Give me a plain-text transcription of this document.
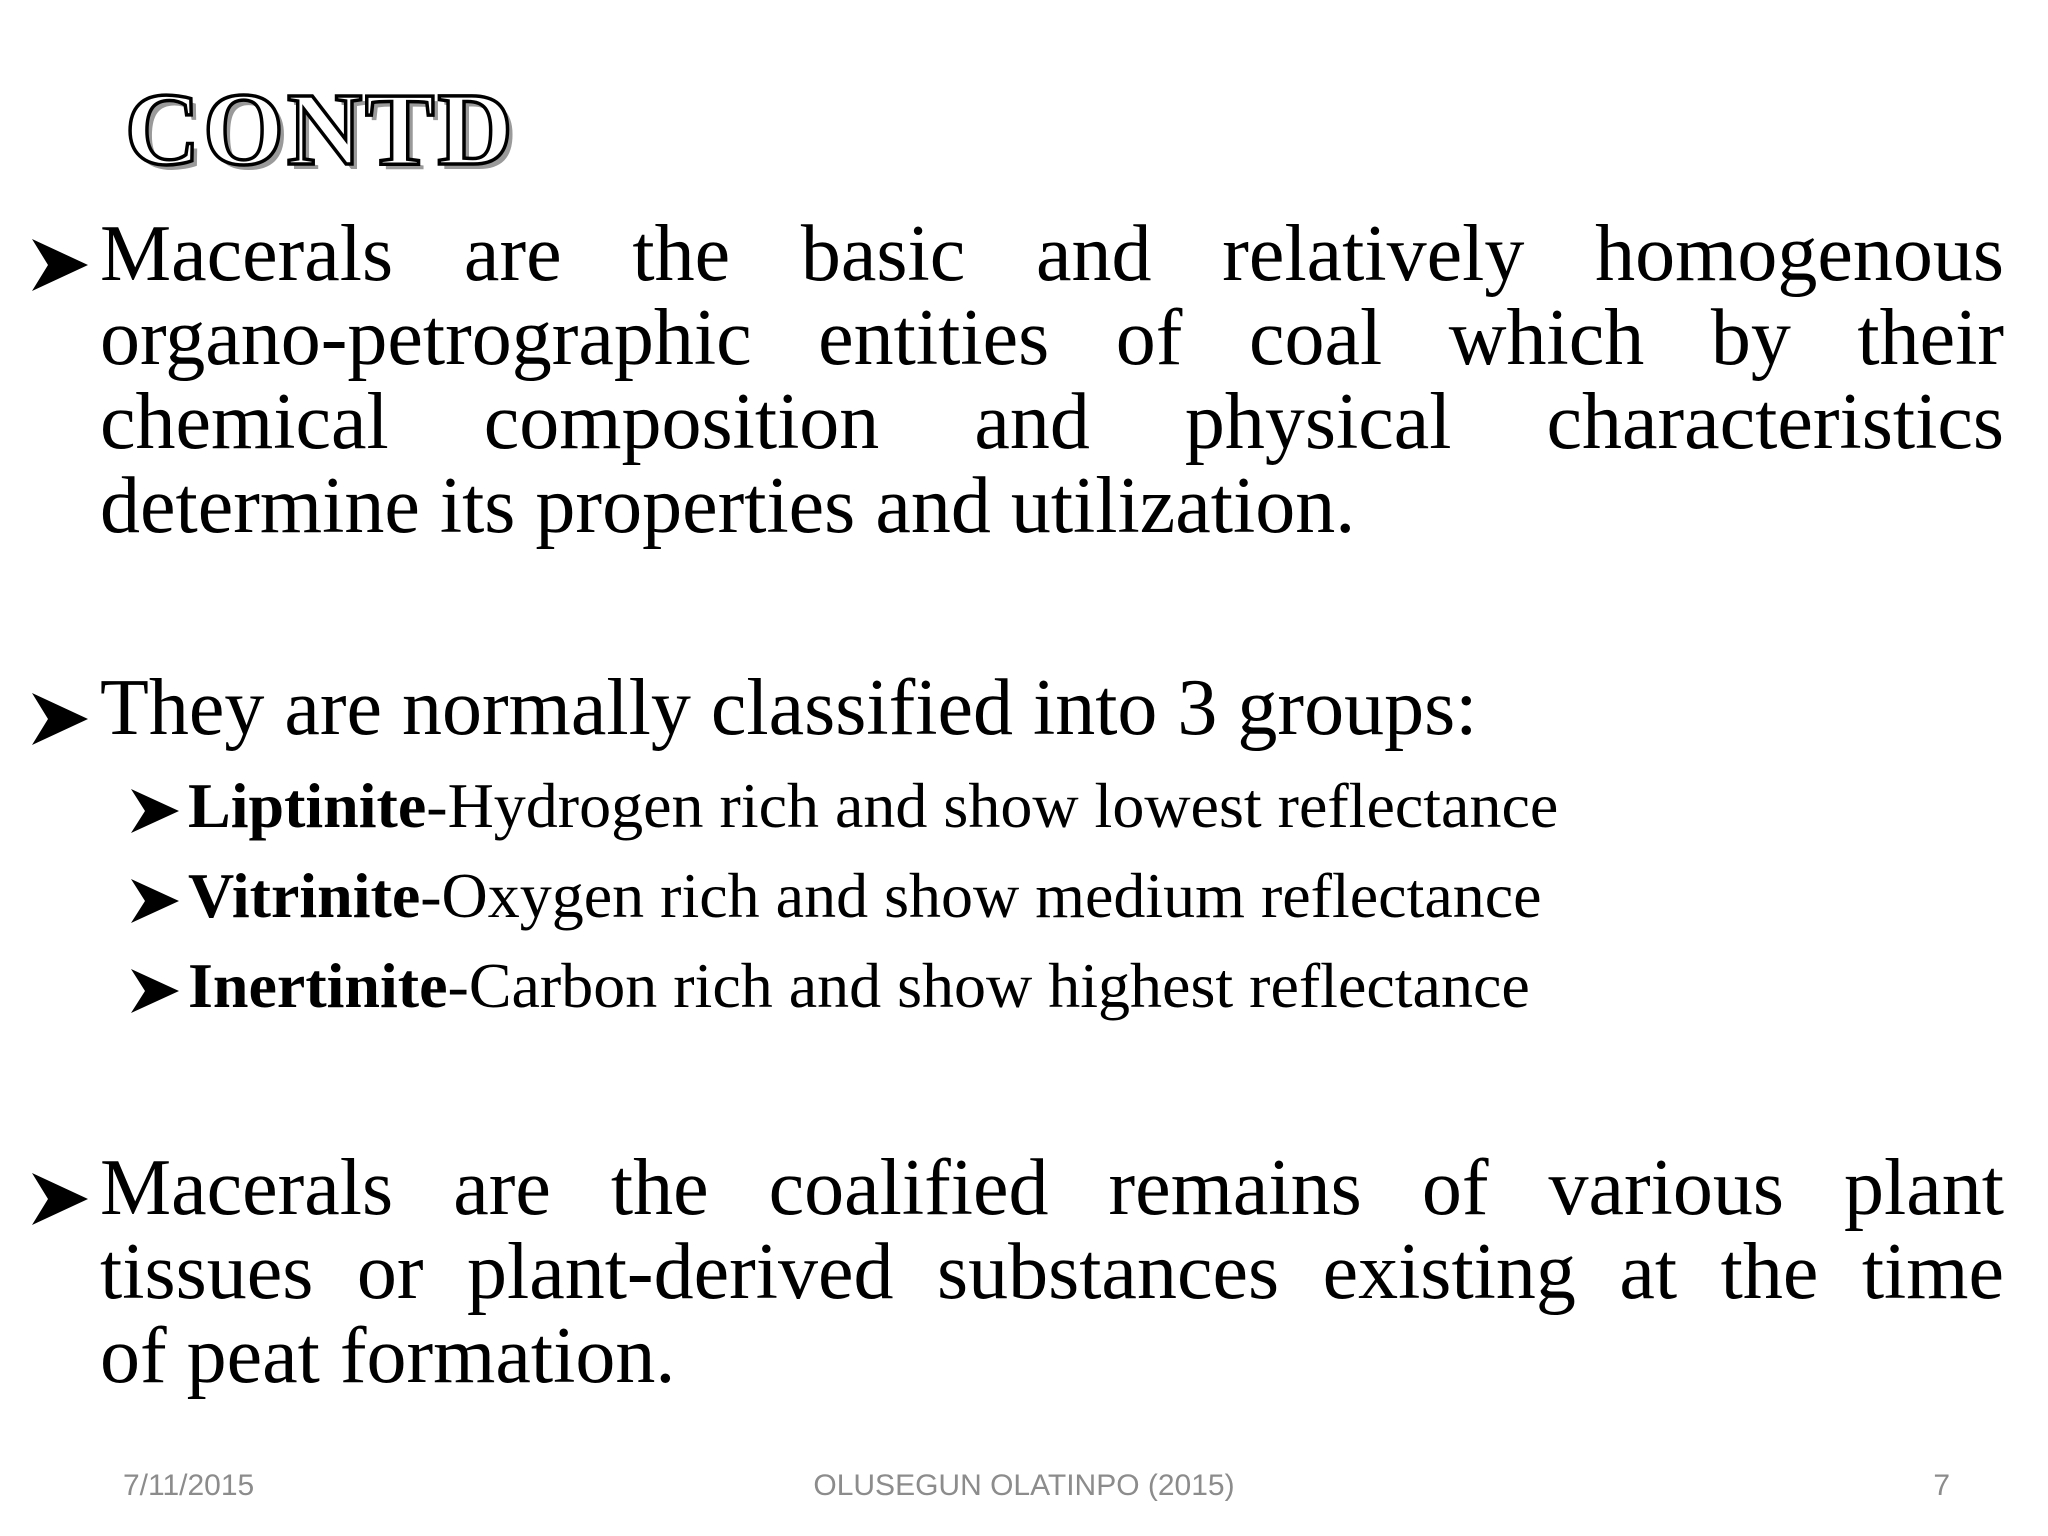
CONTD
Macerals are the basic and relatively homogenous
organo-petrographic entities of coal which by their
chemical composition and physical characteristics
determine its properties and utilization.
They are normally classified into 3 groups:
Liptinite-Hydrogen rich and show lowest reflectance
Vitrinite-Oxygen rich and show medium reflectance
Inertinite-Carbon rich and show highest reflectance
Macerals are the coalified remains of various plant
tissues or plant-derived substances existing at the time
of peat formation.
7/11/2015	OLUSEGUN OLATINPO (2015)	7
